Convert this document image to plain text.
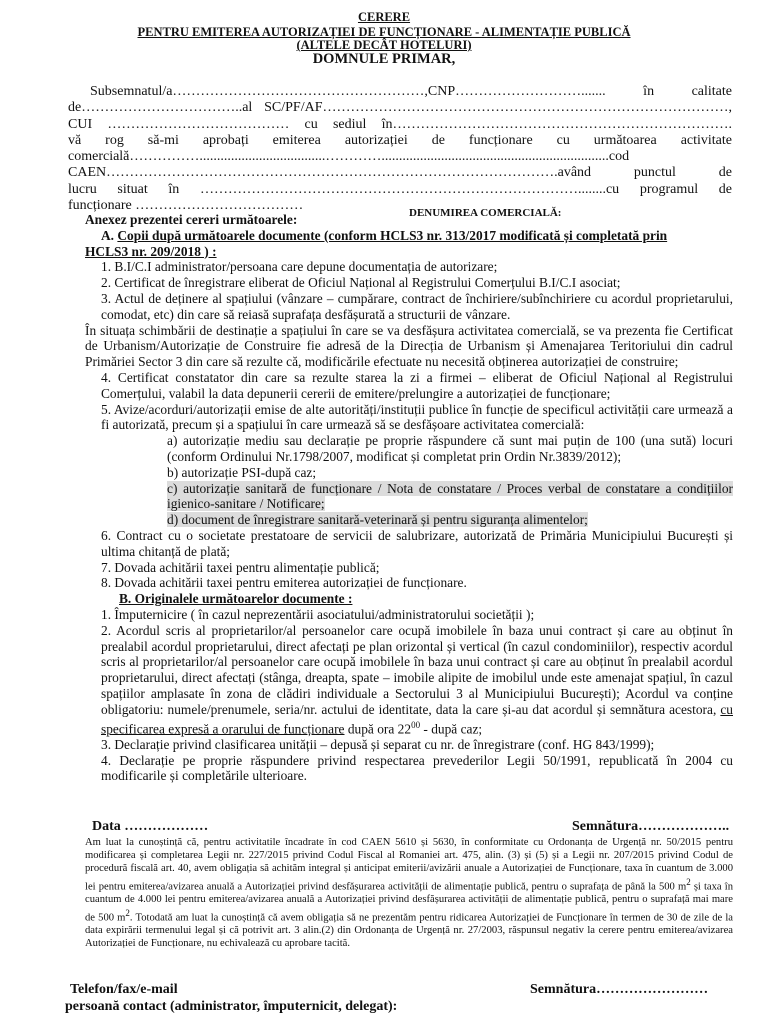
CERERE
PENTRU EMITEREA AUTORIZAȚIEI DE FUNCȚIONARE - ALIMENTAȚIE PUBLICĂ
(ALTELE DECÂT HOTELURI)
DOMNULE PRIMAR,

Subsemnatul/a………………………………………………,CNP………………………....... în calitate

de……………………………..al SC/PF/AF……………………………………………………………………………,

CUI ………………………………… cu sediul în……………………………………………………………….

vă rog să-mi aprobați emiterea autorizației de funcționare cu următoarea activitate

comercială……………....................................………….................................................................cod

CAEN…………………………………………………………………………………….având punctul de

lucru situat în ………………………………………………………………………........cu programul de

funcționare ………………………………	DENUMIREA COMERCIALĂ:

Anexez prezentei cereri următoarele:

A. Copii după următoarele documente (conform HCLS3 nr. 313/2017 modificată și completată prin
HCLS3 nr. 209/2018 ) :

1. B.I/C.I administrator/persoana care depune documentația de autorizare;

2. Certificat de înregistrare eliberat de Oficiul Național al Registrului Comerțului B.I/C.I asociat;

3. Actul de deținere al spațiului (vânzare – cumpărare, contract de închiriere/subînchiriere cu acordul proprietarului, comodat, etc) din care să reiasă suprafața desfășurată a structurii de vânzare.

În situața schimbării de destinație a spațiului în care se va desfășura activitatea comercială, se va prezenta fie Certificat de Urbanism/Autorizație de Construire fie adresă de la Direcția de Urbanism și Amenajarea Teritoriului din cadrul Primăriei Sector 3 din care să rezulte că, modificările efectuate nu necesită obținerea autorizației de construire;

4. Certificat constatator din care sa rezulte starea la zi a firmei – eliberat de Oficiul Național al Registrului Comerțului, valabil la data depunerii cererii de emitere/prelungire a autorizației de funcționare;

5. Avize/acorduri/autorizații emise de alte autorități/instituții publice în funcție de specificul activității care urmează a fi autorizată, precum și a spațiului în care urmează să se desfășoare activitatea comercială:

a) autorizație mediu sau declarație pe proprie răspundere că sunt mai puțin de 100 (una sută) locuri (conform Ordinului Nr.1798/2007, modificat și completat prin Ordin Nr.3839/2012);

b) autorizație PSI-după caz;

c) autorizație sanitară de funcționare / Nota de constatare / Proces verbal de constatare a condițiilor igienico-sanitare / Notificare;

d) document de înregistrare sanitară-veterinară și pentru siguranța alimentelor;

6. Contract cu o societate prestatoare de servicii de salubrizare, autorizată de Primăria Municipiului București și ultima chitanță de plată;

7. Dovada achitării taxei pentru alimentație publică;

8. Dovada achitării taxei pentru emiterea autorizației de funcționare.

B. Originalele următoarelor documente :

1. Împuternicire ( în cazul neprezentării asociatului/administratorului societății );

2. Acordul scris al proprietarilor/al persoanelor care ocupă imobilele în baza unui contract și care au obținut în prealabil acordul proprietarului, direct afectați pe plan orizontal și vertical (în cazul condominiilor), respectiv acordul scris al proprietarilor/al persoanelor care ocupă imobilele în baza unui contract și care au obținut în prealabil acordul proprietarului, direct afectați (stânga, dreapta, spate – imobile alipite de imobilul unde este amenajat spațiul, în cazul spațiilor amplasate în zona de clădiri individuale a Sectorului 3 al Municipiului București); Acordul va conține obligatoriu: numele/prenumele, seria/nr. actului de identitate, data la care și-au dat acordul și semnătura acestora, cu specificarea expresă a orarului de funcționare după ora $22^{00}$ - după caz;

3. Declarație privind clasificarea unității – depusă și separat cu nr. de înregistrare (conf. HG 843/1999);

4. Declarație pe proprie răspundere privind respectarea prevederilor Legii 50/1991, republicată în 2004 cu modificarile și completările ulterioare.

Data ………………	Semnătura………………..

Am luat la cunoștință că, pentru activitatile încadrate în cod CAEN 5610 și 5630, în conformitate cu Ordonanța de Urgență nr. 50/2015 pentru modificarea și completarea Legii nr. 227/2015 privind Codul Fiscal al Romaniei art. 475, alin. (3) și (5) și a Legii nr. 207/2015 privind Codul de procedură fiscală art. 40, avem obligația să achităm integral și anticipat emiterii/avizării anuale a Autorizației de Funcționare, taxa în cuantum de 3.000 lei pentru emiterea/avizarea anuală a Autorizației privind desfășurarea activității de alimentație publică, pentru o suprafața de până la 500 $m^2$ și taxa în cuantum de 4.000 lei pentru emiterea/avizarea anuală a Autorizației privind desfășurarea activității de alimentație publică, pentru o suprafață mai mare de 500 $m^2$. Totodată am luat la cunoștință că avem obligația să ne prezentăm pentru ridicarea Autorizației de Funcționare în termen de 30 de zile de la data expirării termenului legal și că potrivit art. 3 alin.(2) din Ordonanța de Urgență nr. 27/2003, răspunsul negativ la cerere pentru emiterea/avizarea Autorizației de Funcționare, nu echivalează cu aprobare tacită.

Telefon/fax/e-mail	Semnătura……………………
persoană contact (administrator, împuternicit, delegat):
